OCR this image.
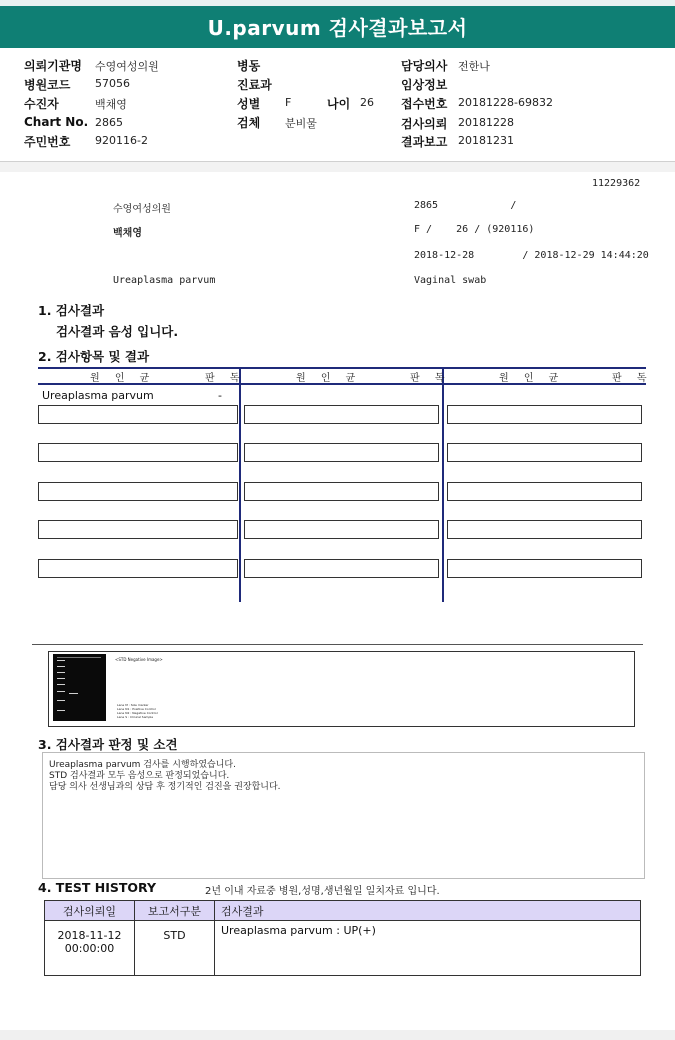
U.parvum 검사결과보고서
의뢰기관명 수영여성의원
병원코드 57056
수진자	백채영
Chart No. 2865
주민번호 920116-2
병동
진료과
성별 F	나이 26
검체 분비물
담당의사 전한나
임상정보
접수번호 20181228-69832
검사의뢰 20181228
결과보고 20181231
11229362
수영여성의원	2865            /
백채영	F /    26 / (920116)
2018-12-28        / 2018-12-29 14:44:20
Ureaplasma parvum	Vaginal swab
1. 검사결과
검사결과 음성 입니다.
2. 검사항목 및 결과
원 인 균	판 독	원 인 균	판 독	원 인 균	판 독
Ureaplasma parvum	-
<STD Negative Image>
Lane M : Size marker
Lane N1 : Positive Control
Lane N2 : Negative Control
Lane S : Clinical Sample
3. 검사결과 판정 및 소견
Ureaplasma parvum 검사를 시행하였습니다.
STD 검사결과 모두 음성으로 판정되었습니다.
담당 의사 선생님과의 상담 후 정기적인 검진을 권장합니다.
4. TEST HISTORY	2년 이내 자료중 병원,성명,생년월일 일치자료 입니다.
검사의뢰일	보고서구분	검사결과

2018-11-12
00:00:00	STD	Ureaplasma parvum : UP(+)
